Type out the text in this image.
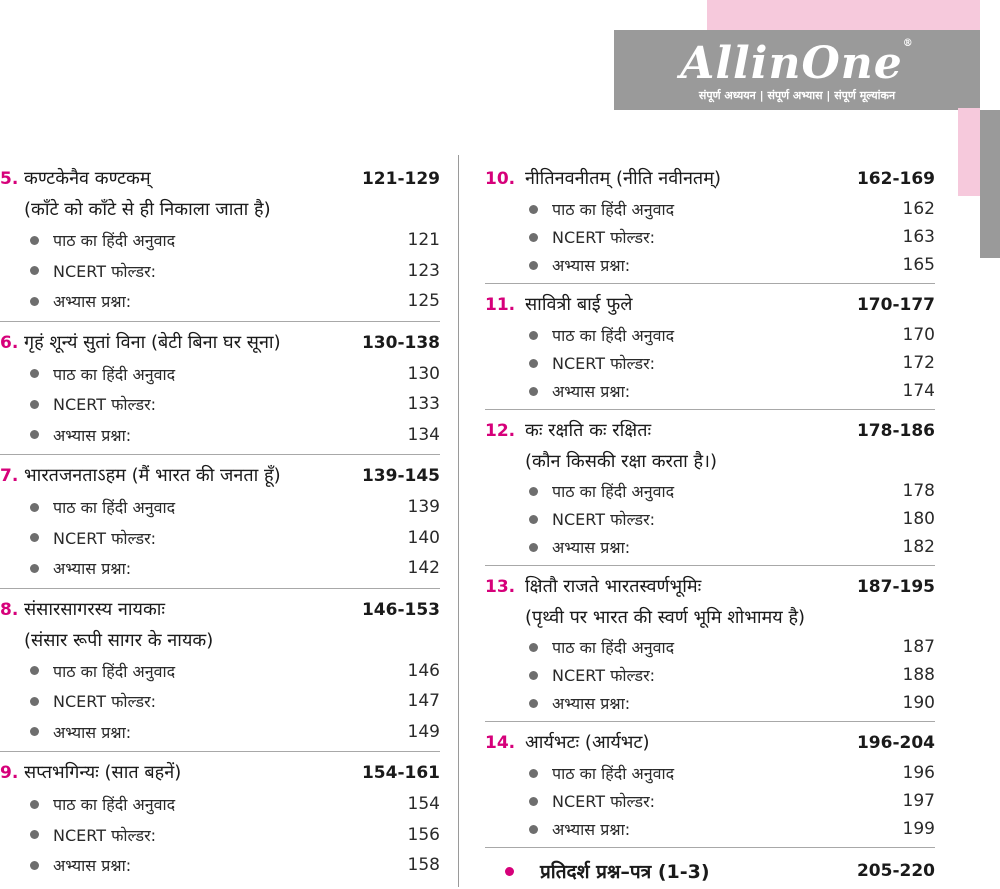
AllinOne®
संपूर्ण अध्ययन | संपूर्ण अभ्यास | संपूर्ण मूल्यांकन
5. कण्टकेनैव कण्टकम्	121-129
(काँटे को काँटे से ही निकाला जाता है)
पाठ का हिंदी अनुवाद	121
NCERT फोल्डर:	123
अभ्यास प्रश्ना:	125
6. गृहं शून्यं सुतां विना (बेटी बिना घर सूना)	130-138
पाठ का हिंदी अनुवाद	130
NCERT फोल्डर:	133
अभ्यास प्रश्ना:	134
7. भारतजनताऽहम (मैं भारत की जनता हूँ)	139-145
पाठ का हिंदी अनुवाद	139
NCERT फोल्डर:	140
अभ्यास प्रश्ना:	142
8. संसारसागरस्य नायकाः	146-153
(संसार रूपी सागर के नायक)
पाठ का हिंदी अनुवाद	146
NCERT फोल्डर:	147
अभ्यास प्रश्ना:	149
9. सप्तभगिन्यः (सात बहनें)	154-161
पाठ का हिंदी अनुवाद	154
NCERT फोल्डर:	156
अभ्यास प्रश्ना:	158
10. नीतिनवनीतम् (नीति नवीनतम्)	162-169
पाठ का हिंदी अनुवाद	162
NCERT फोल्डर:	163
अभ्यास प्रश्ना:	165
11. सावित्री बाई फुले	170-177
पाठ का हिंदी अनुवाद	170
NCERT फोल्डर:	172
अभ्यास प्रश्ना:	174
12. कः रक्षति कः रक्षितः	178-186
(कौन किसकी रक्षा करता है।)
पाठ का हिंदी अनुवाद	178
NCERT फोल्डर:	180
अभ्यास प्रश्ना:	182
13. क्षितौ राजते भारतस्वर्णभूमिः	187-195
(पृथ्वी पर भारत की स्वर्ण भूमि शोभामय है)
पाठ का हिंदी अनुवाद	187
NCERT फोल्डर:	188
अभ्यास प्रश्ना:	190
14. आर्यभटः (आर्यभट)	196-204
पाठ का हिंदी अनुवाद	196
NCERT फोल्डर:	197
अभ्यास प्रश्ना:	199
प्रतिदर्श प्रश्न–पत्र (1-3)	205-220
